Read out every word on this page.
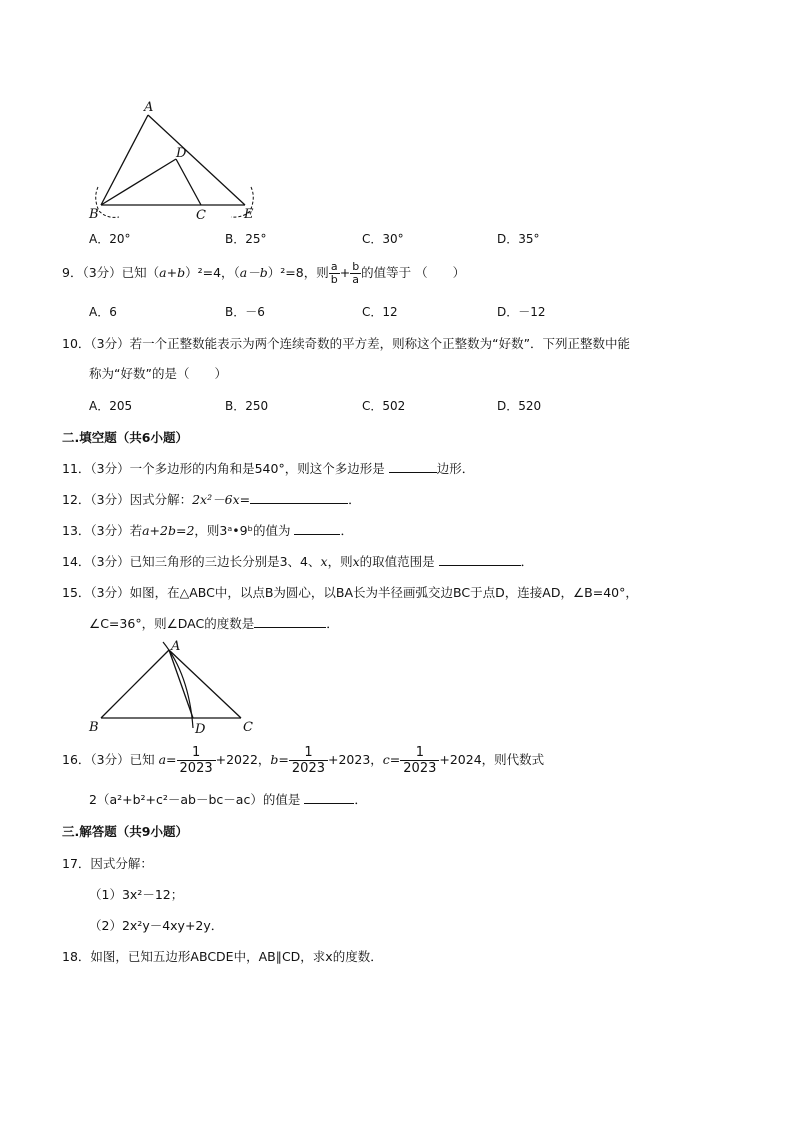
A
D
B	C	E
A．20°	B．25°	C．30°	D．35°
9．（3分）已知（a+b）²=4，（a－b）²=8，则 $\frac{a}{b} + \frac{b}{a}$ 的值等于 （　　）
A．6	B．－6	C．12	D．－12
10．（3分）若一个正整数能表示为两个连续奇数的平方差，则称这个正整数为“好数”．下列正整数中能
称为“好数”的是（　　）
A．205	B．250	C．502	D．520
二.填空题（共6小题）
11．（3分）一个多边形的内角和是540°，则这个多边形是	边形．
12．（3分）因式分解：2x²－6x=	．
13．（3分）若a+2b=2，则3ᵃ•9ᵇ的值为	．
14．（3分）已知三角形的三边长分别是3、4、x，则x的取值范围是	．
15．（3分）如图，在△ABC中，以点B为圆心，以BA长为半径画弧交边BC于点D，连接AD，∠B=40°，
∠C=36°，则∠DAC的度数是	．
A
B	D	C
16．（3分）已知 $a= \frac{1}{2023} +2022$，$b= \frac{1}{2023} +2023$，$c= \frac{1}{2023} +2024$，则代数式
2（a²+b²+c²－ab－bc－ac）的值是	．
三.解答题（共9小题）
17．因式分解：
（1）3x²－12；
（2）2x²y－4xy+2y．
18．如图，已知五边形ABCDE中，AB∥CD，求x的度数．
